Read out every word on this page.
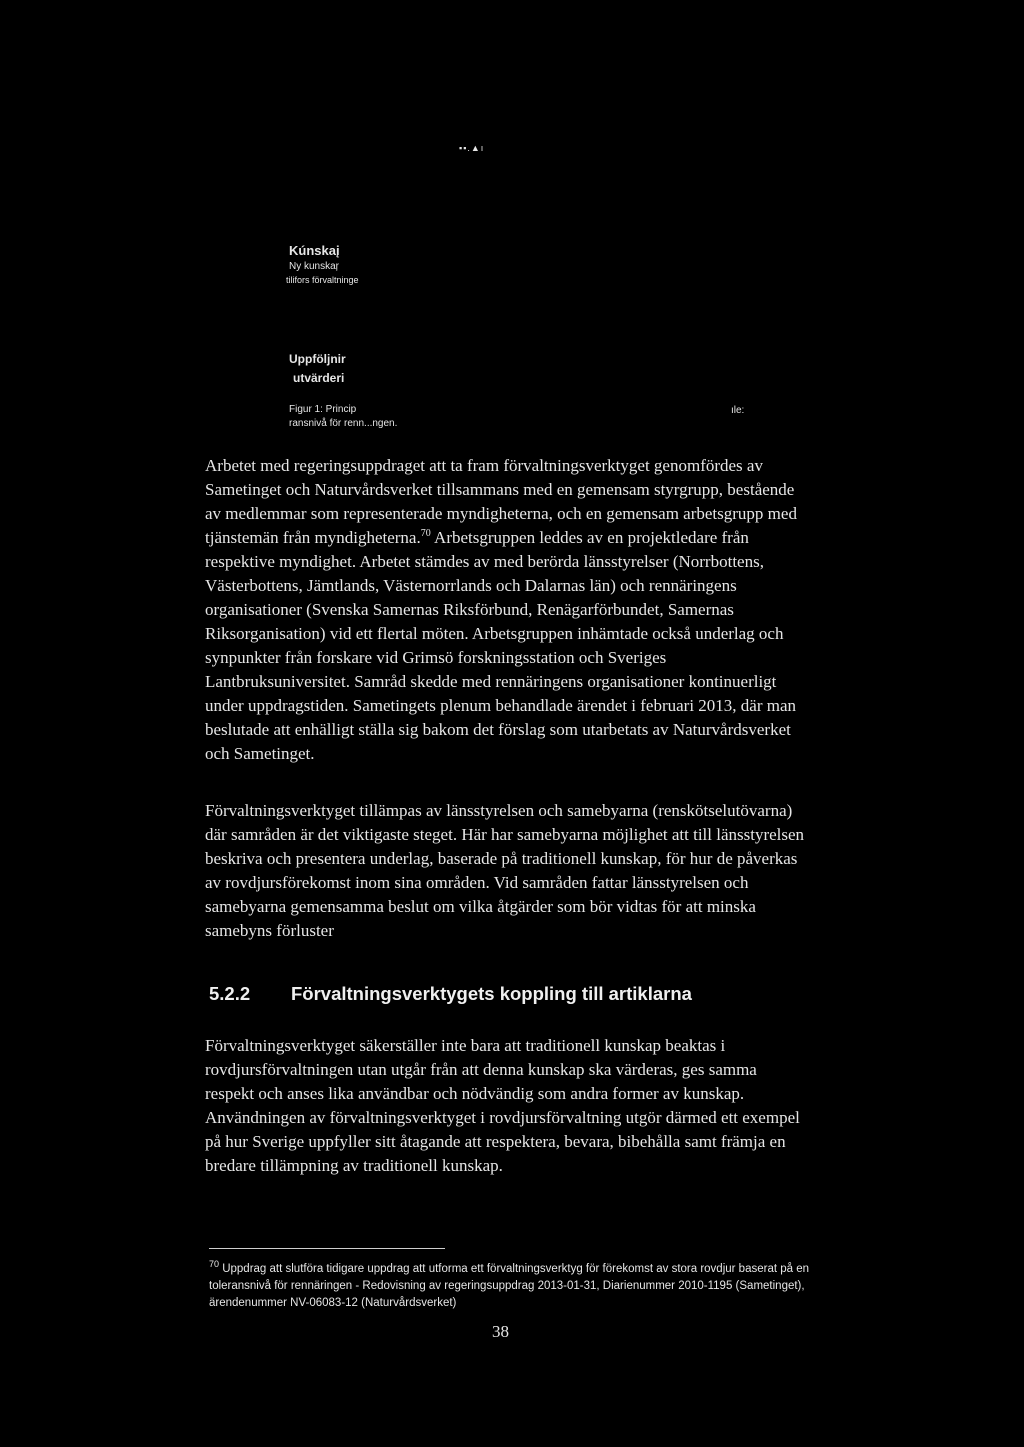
▪▪.▲ı
Kúnskaį
Ny kunskaŗ
tilifors förvaltninge
Uppföljnir
utvärderi
Figur 1: Princip
ransnivå för renn...ngen.
ıle:

Arbetet med regeringsuppdraget att ta fram förvaltningsverktyget genomfördes av Sametinget och Naturvårdsverket tillsammans med en gemensam styrgrupp, bestående av medlemmar som representerade myndigheterna, och en gemensam arbetsgrupp med tjänstemän från myndigheterna.$^{70}$ Arbetsgruppen leddes av en projektledare från respektive myndighet. Arbetet stämdes av med berörda länsstyrelser (Norrbottens, Västerbottens, Jämtlands, Västernorrlands och Dalarnas län) och rennäringens organisationer (Svenska Samernas Riksförbund, Renägarförbundet, Samernas Riksorganisation) vid ett flertal möten. Arbetsgruppen inhämtade också underlag och synpunkter från forskare vid Grimsö forskningsstation och Sveriges Lantbruksuniversitet. Samråd skedde med rennäringens organisationer kontinuerligt under uppdragstiden. Sametingets plenum behandlade ärendet i februari 2013, där man beslutade att enhälligt ställa sig bakom det förslag som utarbetats av Naturvårdsverket och Sametinget.

Förvaltningsverktyget tillämpas av länsstyrelsen och samebyarna (renskötselutövarna) där samråden är det viktigaste steget. Här har samebyarna möjlighet att till länsstyrelsen beskriva och presentera underlag, baserade på traditionell kunskap, för hur de påverkas av rovdjursförekomst inom sina områden. Vid samråden fattar länsstyrelsen och samebyarna gemensamma beslut om vilka åtgärder som bör vidtas för att minska samebyns förluster

5.2.2 Förvaltningsverktygets koppling till artiklarna

Förvaltningsverktyget säkerställer inte bara att traditionell kunskap beaktas i rovdjursförvaltningen utan utgår från att denna kunskap ska värderas, ges samma respekt och anses lika användbar och nödvändig som andra former av kunskap. Användningen av förvaltningsverktyget i rovdjursförvaltning utgör därmed ett exempel på hur Sverige uppfyller sitt åtagande att respektera, bevara, bibehålla samt främja en bredare tillämpning av traditionell kunskap.

$^{70}$ Uppdrag att slutföra tidigare uppdrag att utforma ett förvaltningsverktyg för förekomst av stora rovdjur baserat på en toleransnivå för rennäringen - Redovisning av regeringsuppdrag 2013-01-31, Diarienummer 2010-1195 (Sametinget), ärendenummer NV-06083-12 (Naturvårdsverket)

38
